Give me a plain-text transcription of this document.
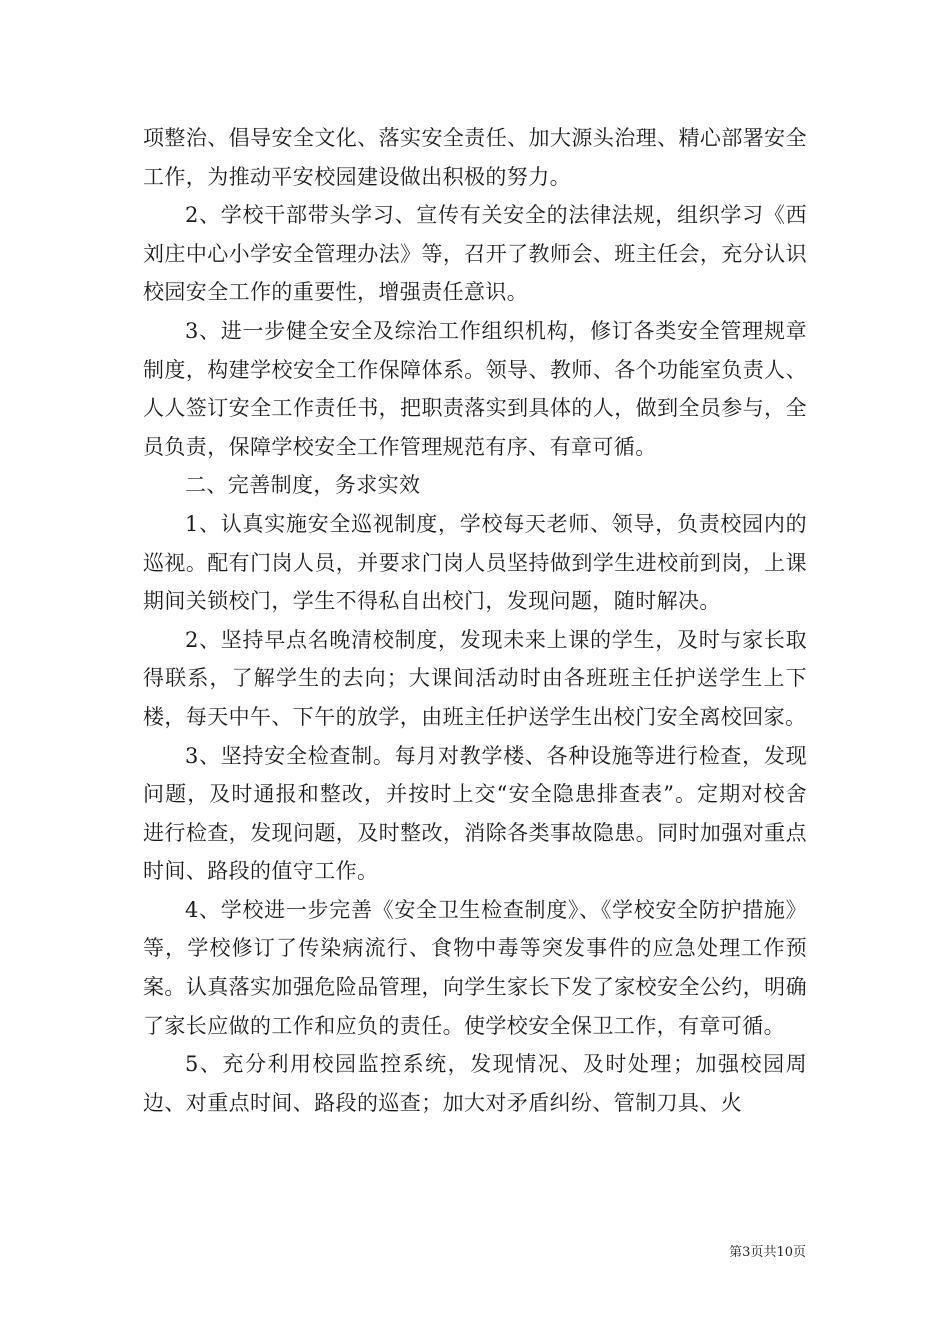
项整治、倡导安全文化、落实安全责任、加大源头治理、精心部署安全工作，为推动平安校园建设做出积极的努力。

2、学校干部带头学习、宣传有关安全的法律法规，组织学习《西刘庄中心小学安全管理办法》等，召开了教师会、班主任会，充分认识校园安全工作的重要性，增强责任意识。

3、进一步健全安全及综治工作组织机构，修订各类安全管理规章制度，构建学校安全工作保障体系。领导、教师、各个功能室负责人、人人签订安全工作责任书，把职责落实到具体的人，做到全员参与，全员负责，保障学校安全工作管理规范有序、有章可循。

二、完善制度，务求实效

1、认真实施安全巡视制度，学校每天老师、领导，负责校园内的巡视。配有门岗人员，并要求门岗人员坚持做到学生进校前到岗，上课期间关锁校门，学生不得私自出校门，发现问题，随时解决。

2、坚持早点名晚清校制度，发现未来上课的学生，及时与家长取得联系，了解学生的去向；大课间活动时由各班班主任护送学生上下楼，每天中午、下午的放学，由班主任护送学生出校门安全离校回家。

3、坚持安全检查制。每月对教学楼、各种设施等进行检查，发现问题，及时通报和整改，并按时上交“安全隐患排查表”。定期对校舍进行检查，发现问题，及时整改，消除各类事故隐患。同时加强对重点时间、路段的值守工作。

4、学校进一步完善《安全卫生检查制度》、《学校安全防护措施》等，学校修订了传染病流行、食物中毒等突发事件的应急处理工作预案。认真落实加强危险品管理，向学生家长下发了家校安全公约，明确了家长应做的工作和应负的责任。使学校安全保卫工作，有章可循。

5、充分利用校园监控系统，发现情况、及时处理；加强校园周边、对重点时间、路段的巡查；加大对矛盾纠纷、管制刀具、火

第3页共10页
